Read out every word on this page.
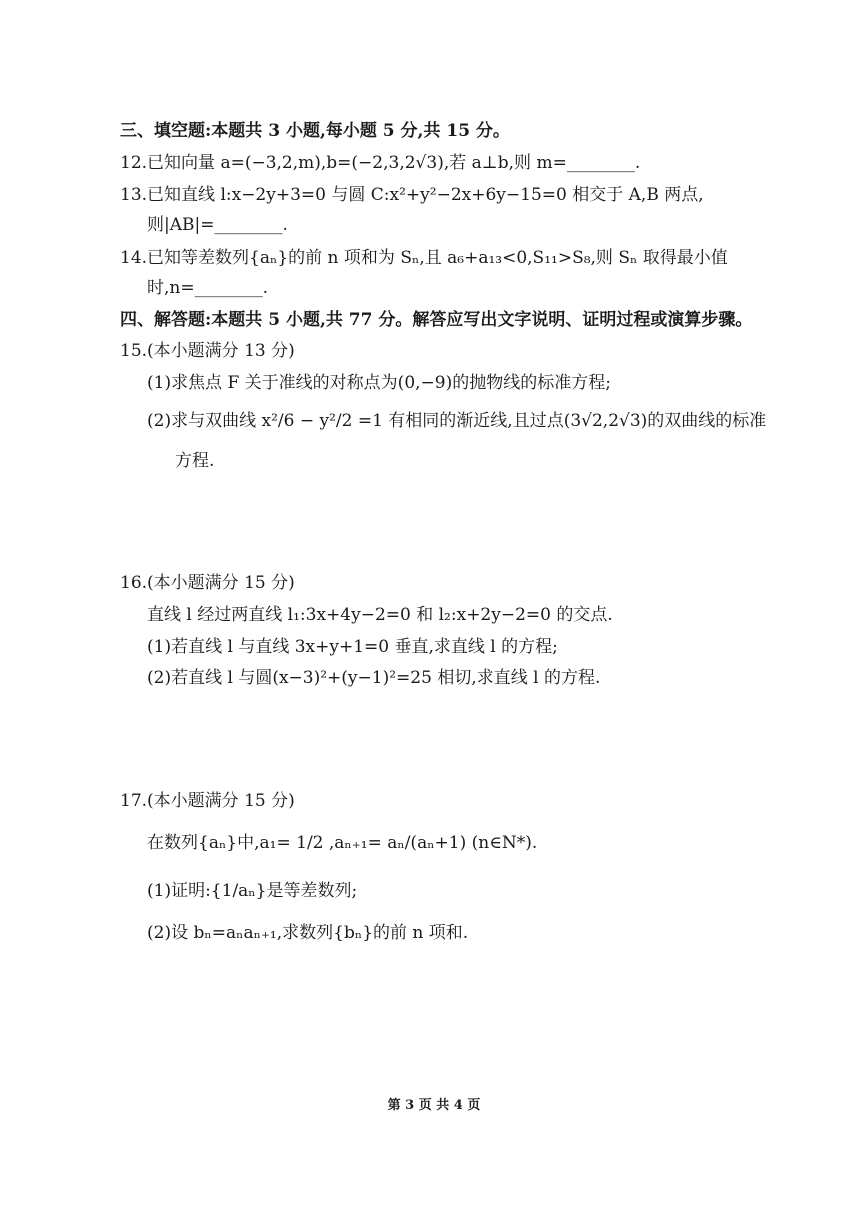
三、填空题:本题共 3 小题,每小题 5 分,共 15 分。
12.已知向量 a=(−3,2,m),b=(−2,3,2√3),若 a⊥b,则 m=________.
13.已知直线 l:x−2y+3=0 与圆 C:x²+y²−2x+6y−15=0 相交于 A,B 两点,
则|AB|=________.
14.已知等差数列{aₙ}的前 n 项和为 Sₙ,且 a₆+a₁₃<0,S₁₁>S₈,则 Sₙ 取得最小值
时,n=________.
四、解答题:本题共 5 小题,共 77 分。解答应写出文字说明、证明过程或演算步骤。
15.(本小题满分 13 分)
(1)求焦点 F 关于准线的对称点为(0,−9)的抛物线的标准方程;
(2)求与双曲线 x²/6 − y²/2 =1 有相同的渐近线,且过点(3√2,2√3)的双曲线的标准
方程.
16.(本小题满分 15 分)
直线 l 经过两直线 l₁:3x+4y−2=0 和 l₂:x+2y−2=0 的交点.
(1)若直线 l 与直线 3x+y+1=0 垂直,求直线 l 的方程;
(2)若直线 l 与圆(x−3)²+(y−1)²=25 相切,求直线 l 的方程.
17.(本小题满分 15 分)
在数列{aₙ}中,a₁= 1/2 ,aₙ₊₁= aₙ/(aₙ+1) (n∈N*).
(1)证明:{1/aₙ}是等差数列;
(2)设 bₙ=aₙaₙ₊₁,求数列{bₙ}的前 n 项和.
第 3 页 共 4 页
